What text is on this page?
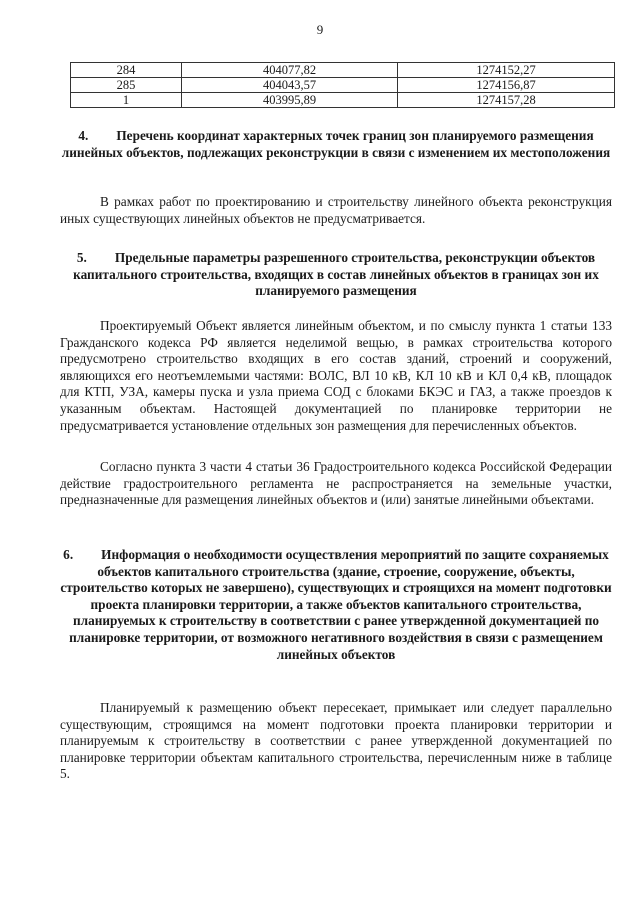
9
284	404077,82	1274152,27
285	404043,57	1274156,87
1	403995,89	1274157,28
4. Перечень координат характерных точек границ зон планируемого размещения линейных объектов, подлежащих реконструкции в связи с изменением их местоположения
В рамках работ по проектированию и строительству линейного объекта реконструкция иных существующих линейных объектов не предусматривается.
5. Предельные параметры разрешенного строительства, реконструкции объектов капитального строительства, входящих в состав линейных объектов в границах зон их планируемого размещения
Проектируемый Объект является линейным объектом, и по смыслу пункта 1 статьи 133 Гражданского кодекса РФ является неделимой вещью, в рамках строительства которого предусмотрено строительство входящих в его состав зданий, строений и сооружений, являющихся его неотъемлемыми частями: ВОЛС, ВЛ 10 кВ, КЛ 10 кВ и КЛ 0,4 кВ, площадок для КТП, УЗА, камеры пуска и узла приема СОД с блоками БКЭС и ГАЗ, а также проездов к указанным объектам. Настоящей документацией по планировке территории не предусматривается установление отдельных зон размещения для перечисленных объектов.
Согласно пункта 3 части 4 статьи 36 Градостроительного кодекса Российской Федерации действие градостроительного регламента не распространяется на земельные участки, предназначенные для размещения линейных объектов и (или) занятые линейными объектами.
6. Информация о необходимости осуществления мероприятий по защите сохраняемых объектов капитального строительства (здание, строение, сооружение, объекты, строительство которых не завершено), существующих и строящихся на момент подготовки проекта планировки территории, а также объектов капитального строительства, планируемых к строительству в соответствии с ранее утвержденной документацией по планировке территории, от возможного негативного воздействия в связи с размещением линейных объектов
Планируемый к размещению объект пересекает, примыкает или следует параллельно существующим, строящимся на момент подготовки проекта планировки территории и планируемым к строительству в соответствии с ранее утвержденной документацией по планировке территории объектам капитального строительства, перечисленным ниже в таблице 5.
